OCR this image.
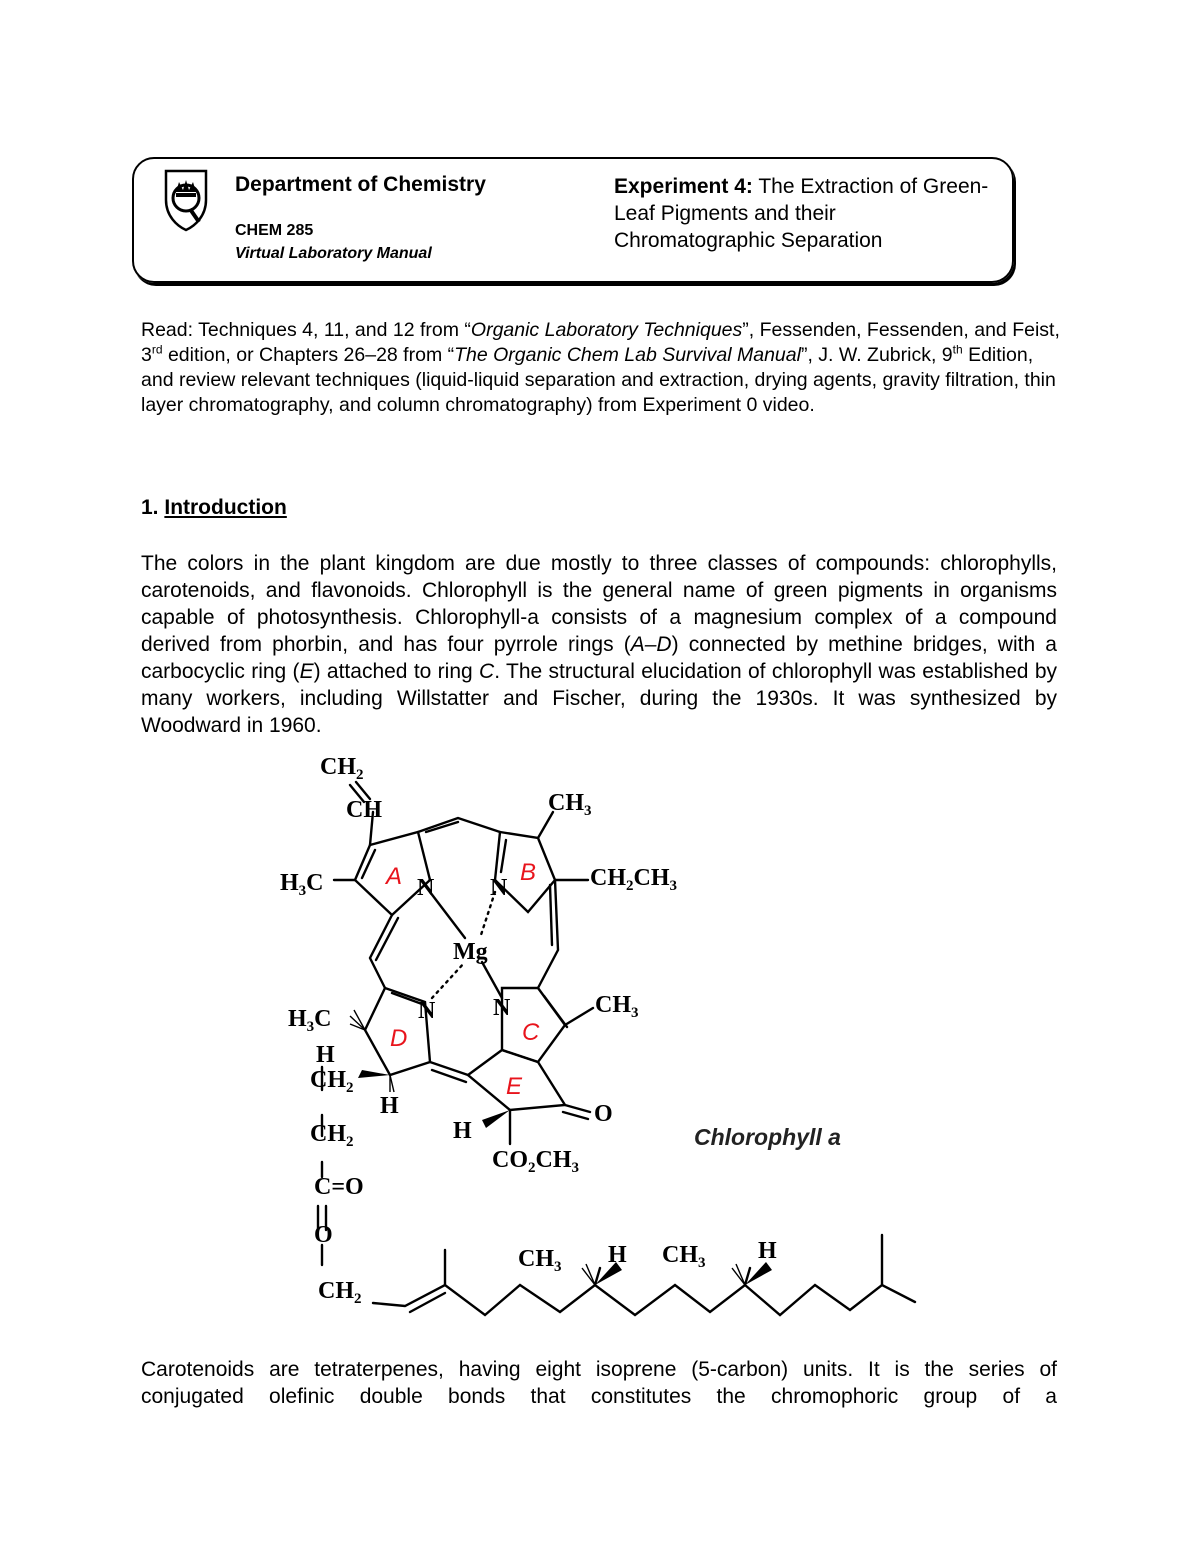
Department of Chemistry
CHEM 285
Virtual Laboratory Manual
Experiment 4: The Extraction of Green-Leaf Pigments and their Chromatographic Separation
Read: Techniques 4, 11, and 12 from “Organic Laboratory Techniques”, Fessenden, Fessenden, and Feist, 3rd edition, or Chapters 26–28 from “The Organic Chem Lab Survival Manual”, J. W. Zubrick, 9th Edition, and review relevant techniques (liquid-liquid separation and extraction, drying agents, gravity filtration, thin layer chromatography, and column chromatography) from Experiment 0 video.
1. Introduction

The colors in the plant kingdom are due mostly to three classes of compounds: chlorophylls, carotenoids, and flavonoids. Chlorophyll is the general name of green pigments in organisms capable of photosynthesis. Chlorophyll-a consists of a magnesium complex of a compound derived from phorbin, and has four pyrrole rings (A–D) connected by methine bridges, with a carbocyclic ring (E) attached to ring C. The structural elucidation of chlorophyll was established by many workers, including Willstatter and Fischer, during the 1930s. It was synthesized by Woodward in 1960.

$CH_2$
CH	$CH_3$
$H_3C$	$CH_2CH_3$
N N
Mg
N N	$CH_3$
$H_3C$
H
$CH_2$
H	O
H
$CO_2CH_3$
$CH_2$
C=O
O
$CH_2$
$CH_3$ H $CH_3$ H
A	B
C
D
E
Chlorophyll a

Carotenoids are tetraterpenes, having eight isoprene (5-carbon) units. It is the series of conjugated olefinic double bonds that constitutes the chromophoric group of a
